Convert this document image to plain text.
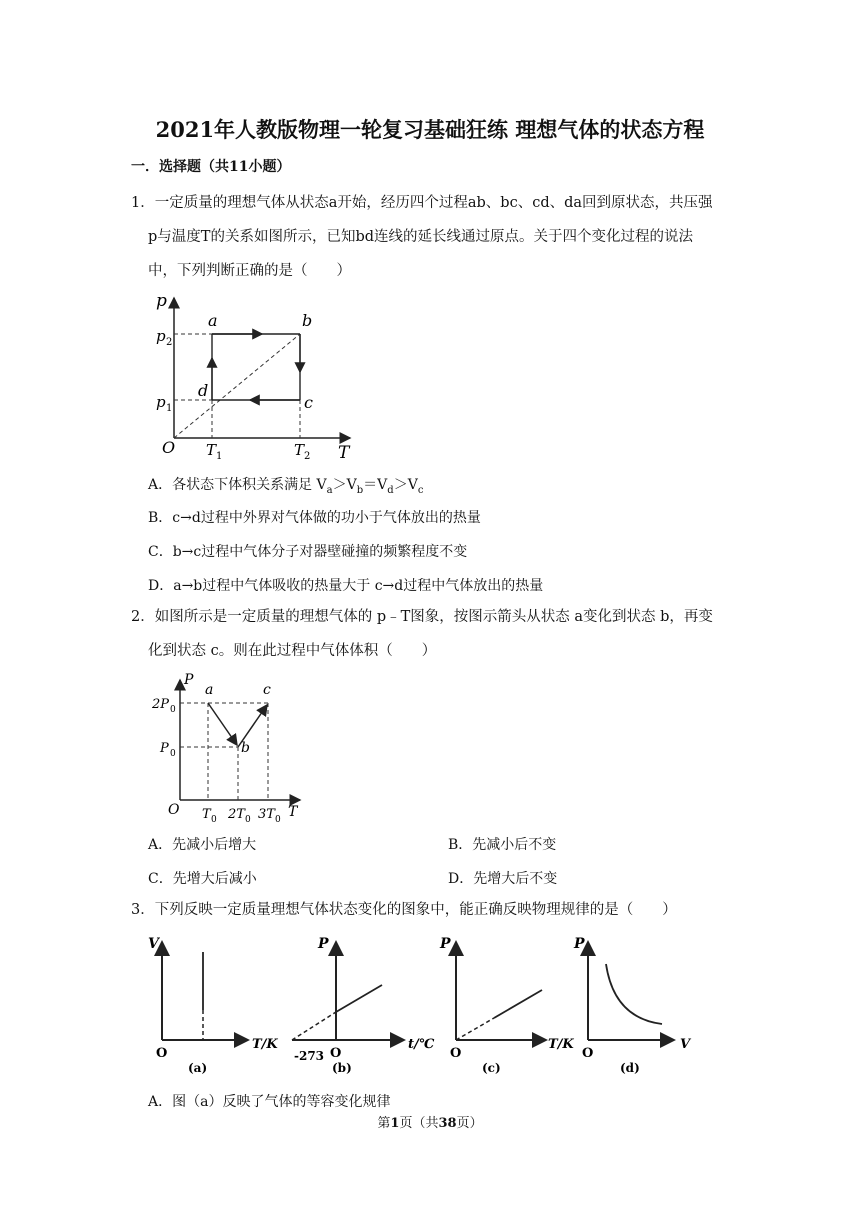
2021年人教版物理一轮复习基础狂练 理想气体的状态方程
一．选择题（共11小题）
1．一定质量的理想气体从状态a开始，经历四个过程ab、bc、cd、da回到原状态，共压强
p与温度T的关系如图所示，已知bd连线的延长线通过原点。关于四个变化过程的说法
中，下列判断正确的是（　　）
p
p 2
p 1
O T 1	T 2 T
a	b
c
d
A．各状态下体积关系满足 $V_a>V_b=V_d>V_c$
B．c→d过程中外界对气体做的功小于气体放出的热量
C．b→c过程中气体分子对器壁碰撞的频繁程度不变
D．a→b过程中气体吸收的热量大于 c→d过程中气体放出的热量
2．如图所示是一定质量的理想气体的 p﹣T图象，按图示箭头从状态 a变化到状态 b，再变
化到状态 c。则在此过程中气体体积（　　）
P
a	c
b
2P 0
P 0
O T 0 2T 0 3T 0 T
A．先减小后增大	B．先减小后不变
C．先增大后减小	D．先增大后不变
3．下列反映一定质量理想气体状态变化的图象中，能正确反映物理规律的是（　　）
V
O
T/K
(a)
P
O
-273
t/℃
(b)
P
O
T/K
(c)
P
O
V
(d)
A．图（a）反映了气体的等容变化规律
第1页（共38页）
